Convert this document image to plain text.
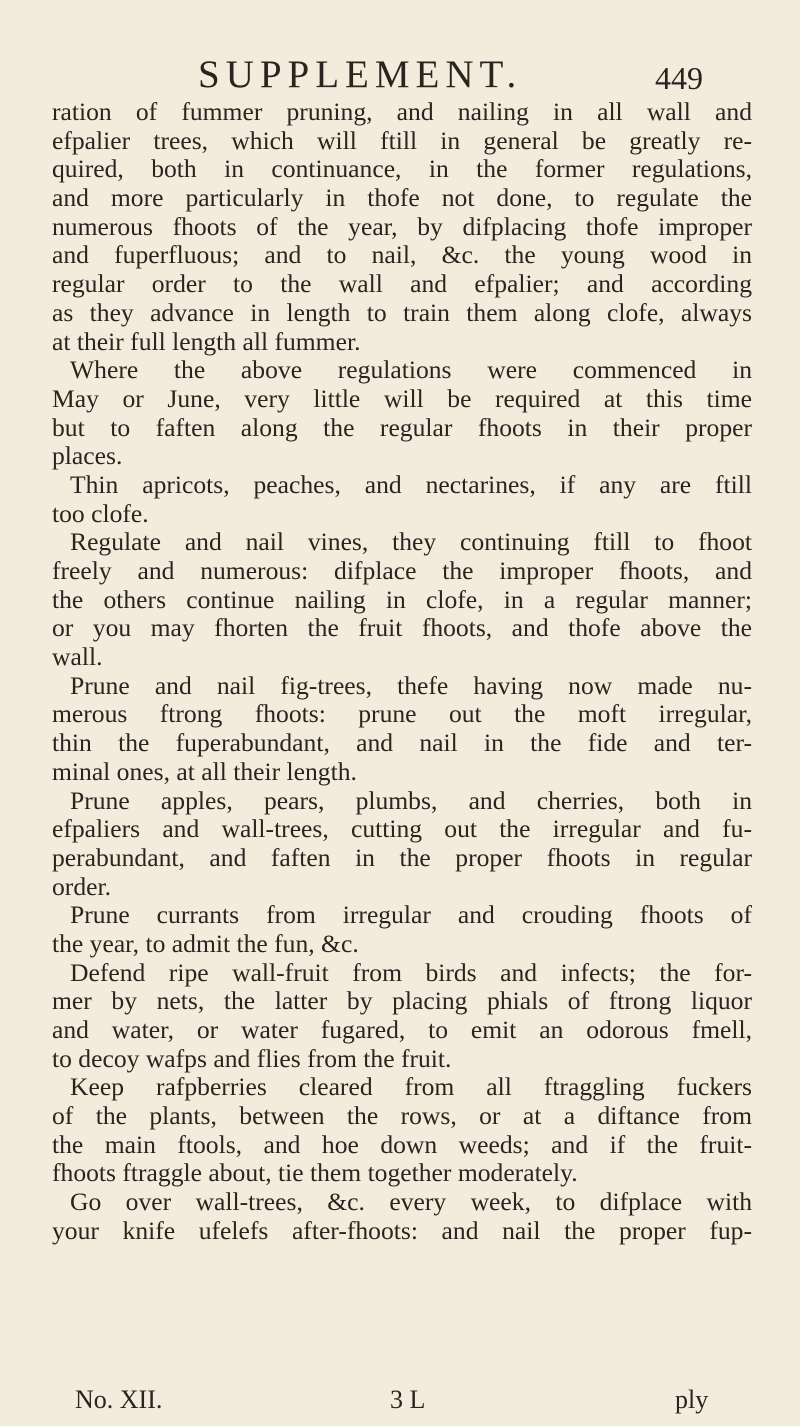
SUPPLEMENT.	449
ration of fummer pruning, and nailing in all wall and
efpalier trees, which will ftill in general be greatly re-
quired, both in continuance, in the former regulations,
and more particularly in thofe not done, to regulate the
numerous fhoots of the year, by difplacing thofe improper
and fuperfluous; and to nail, &c. the young wood in
regular order to the wall and efpalier; and according
as they advance in length to train them along clofe, always
at their full length all fummer.
Where the above regulations were commenced in
May or June, very little will be required at this time
but to faften along the regular fhoots in their proper
places.
Thin apricots, peaches, and nectarines, if any are ftill
too clofe.
Regulate and nail vines, they continuing ftill to fhoot
freely and numerous: difplace the improper fhoots, and
the others continue nailing in clofe, in a regular manner;
or you may fhorten the fruit fhoots, and thofe above the
wall.
Prune and nail fig-trees, thefe having now made nu-
merous ftrong fhoots: prune out the moft irregular,
thin the fuperabundant, and nail in the fide and ter-
minal ones, at all their length.
Prune apples, pears, plumbs, and cherries, both in
efpaliers and wall-trees, cutting out the irregular and fu-
perabundant, and faften in the proper fhoots in regular
order.
Prune currants from irregular and crouding fhoots of
the year, to admit the fun, &c.
Defend ripe wall-fruit from birds and infects; the for-
mer by nets, the latter by placing phials of ftrong liquor
and water, or water fugared, to emit an odorous fmell,
to decoy wafps and flies from the fruit.
Keep rafpberries cleared from all ftraggling fuckers
of the plants, between the rows, or at a diftance from
the main ftools, and hoe down weeds; and if the fruit-
fhoots ftraggle about, tie them together moderately.
Go over wall-trees, &c. every week, to difplace with
your knife ufelefs after-fhoots: and nail the proper fup-
No. XII.	3 L	ply
